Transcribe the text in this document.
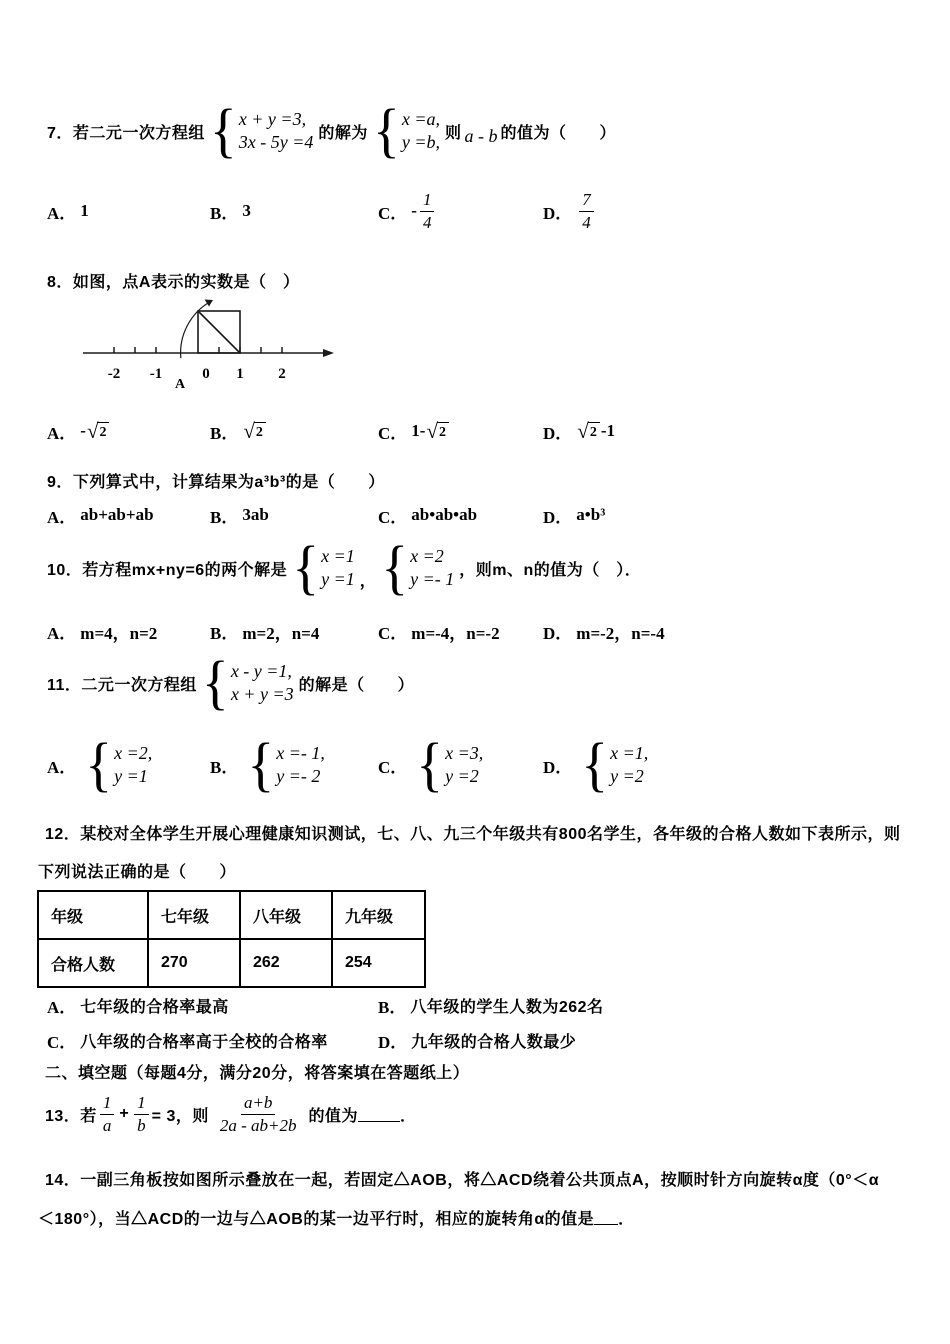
7．若二元一次方程组 { x + y =3,
3x - 5y =4 的解为 { x =a,
y =b, 则 a - b 的值为（　　）
A． 1	B． 3	C． - $\frac{1}{4}$	D． $\frac{7}{4}$
8．如图，点A表示的实数是（　）
-2 -1	0 1 2
A
A． - √ 2	B． √ 2	C． 1- √ 2	D． √ 2 -1
9．下列算式中，计算结果为a³b³的是（　　）
A． ab+ab+ab	B． 3ab	C． ab•ab•ab	D． a•b³
10．若方程mx+ny=6的两个解是 { x =1
y =1 ， { x =2
y =- 1 ，则m、n的值为（　）．
A． m=4，n=2	B． m=2，n=4	C． m=-4，n=-2	D． m=-2，n=-4
11．二元一次方程组 { x - y =1,
x + y =3 的解是（　　）
A． { x =2,
y =1	B． { x =- 1,
y =- 2	C． { x =3,
y =2	D． { x =1,
y =2
12．某校对全体学生开展心理健康知识测试，七、八、九三个年级共有800名学生，各年级的合格人数如下表所示，则
下列说法正确的是（　　）
年级	七年级	八年级	九年级
合格人数	270	262	254
A． 七年级的合格率最高	B． 八年级的学生人数为262名
C． 八年级的合格率高于全校的合格率	D． 九年级的合格人数最少
二、填空题（每题4分，满分20分，将答案填在答题纸上）
13．若 $\frac{1}{a} + \frac{1}{b} = 3$，则 $\frac{a+b}{2a - ab+2b}$ 的值为	．
14．一副三角板按如图所示叠放在一起，若固定△AOB，将△ACD绕着公共顶点A，按顺时针方向旋转α度（0°＜α
＜180°），当△ACD的一边与△AOB的某一边平行时，相应的旋转角α的值是 ．
